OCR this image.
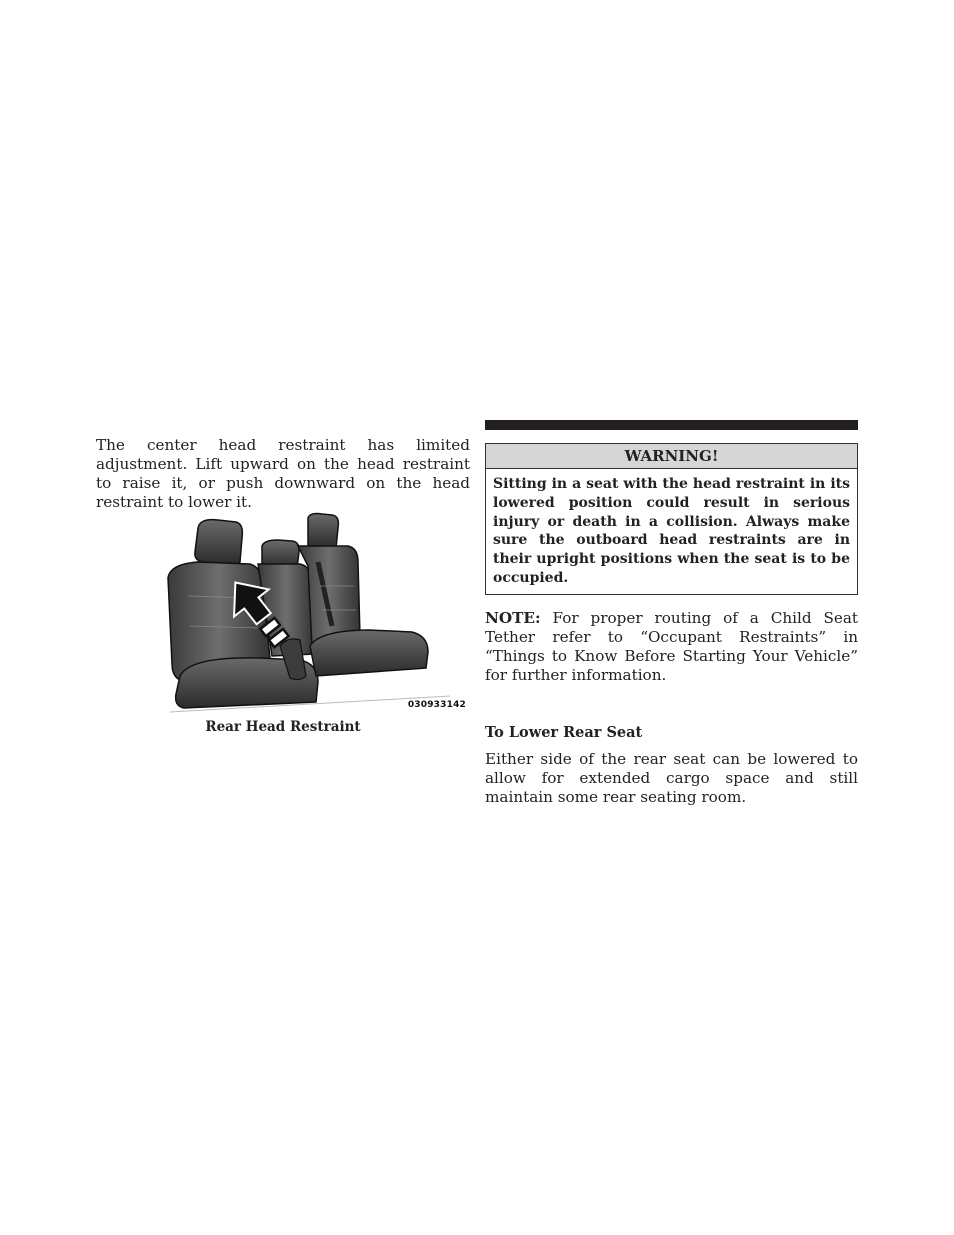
The center head restraint has limited adjustment. Lift upward on the head restraint to raise it, or push downward on the head restraint to lower it.

030933142
Rear Head Restraint
WARNING!
Sitting in a seat with the head restraint in its lowered position could result in serious injury or death in a collision. Always make sure the outboard head restraints are in their upright positions when the seat is to be occupied.

NOTE: For proper routing of a Child Seat Tether refer to “Occupant Restraints” in “Things to Know Before Starting Your Vehicle” for further information.

To Lower Rear Seat

Either side of the rear seat can be lowered to allow for extended cargo space and still maintain some rear seating room.
